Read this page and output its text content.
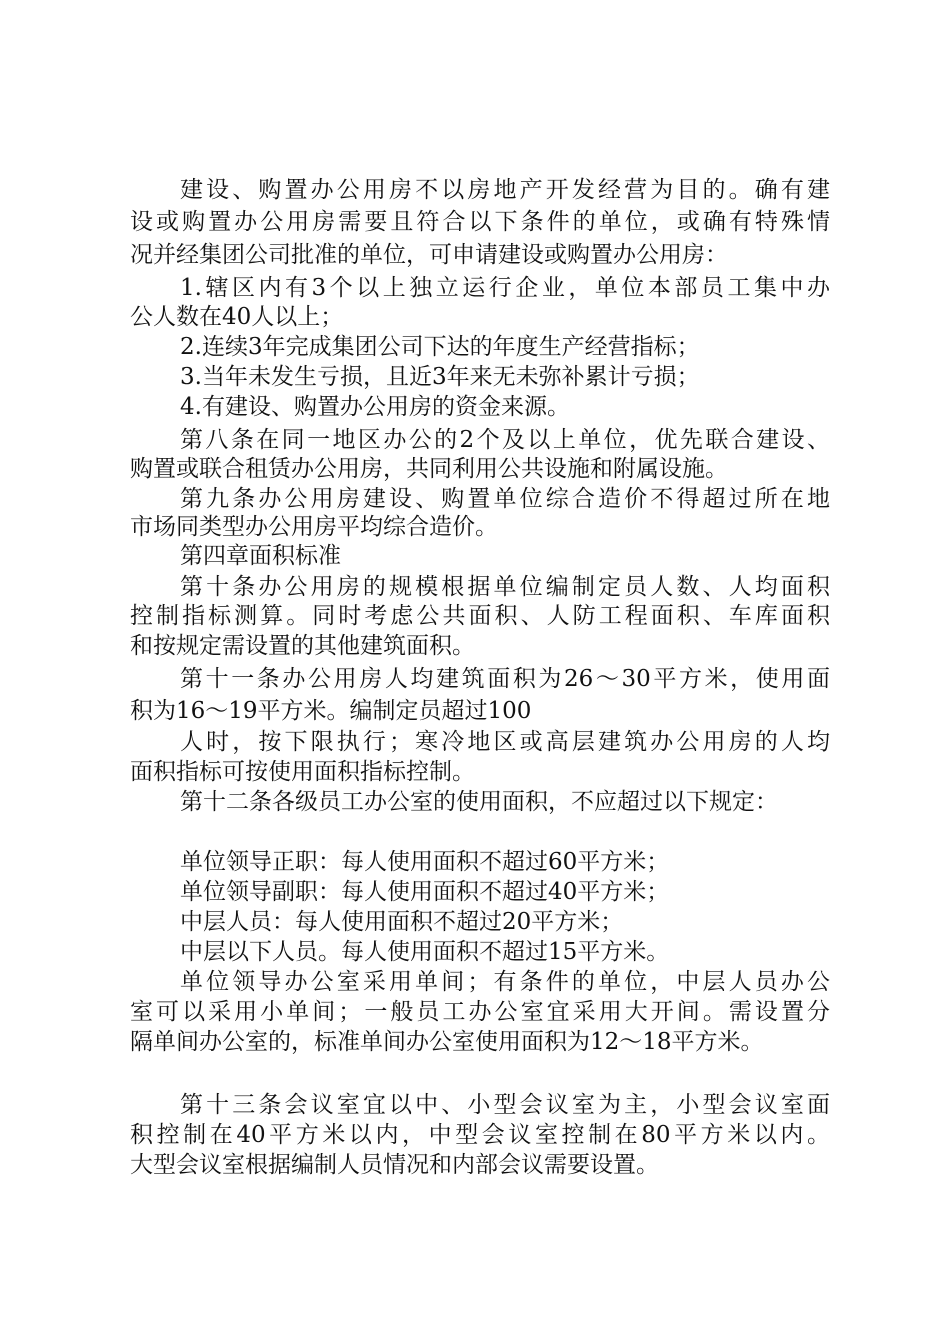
建设、购置办公用房不以房地产开发经营为目的。确有建
设或购置办公用房需要且符合以下条件的单位，或确有特殊情
况并经集团公司批准的单位，可申请建设或购置办公用房：
1.辖区内有3个以上独立运行企业，单位本部员工集中办
公人数在40人以上；
2.连续3年完成集团公司下达的年度生产经营指标；
3.当年未发生亏损，且近3年来无未弥补累计亏损；
4.有建设、购置办公用房的资金来源。
第八条在同一地区办公的2个及以上单位，优先联合建设、
购置或联合租赁办公用房，共同利用公共设施和附属设施。
第九条办公用房建设、购置单位综合造价不得超过所在地
市场同类型办公用房平均综合造价。
第四章面积标准
第十条办公用房的规模根据单位编制定员人数、人均面积
控制指标测算。同时考虑公共面积、人防工程面积、车库面积
和按规定需设置的其他建筑面积。
第十一条办公用房人均建筑面积为26～30平方米，使用面
积为16～19平方米。编制定员超过100
人时，按下限执行；寒冷地区或高层建筑办公用房的人均
面积指标可按使用面积指标控制。
第十二条各级员工办公室的使用面积，不应超过以下规定：
单位领导正职：每人使用面积不超过60平方米；
单位领导副职：每人使用面积不超过40平方米；
中层人员：每人使用面积不超过20平方米；
中层以下人员。每人使用面积不超过15平方米。
单位领导办公室采用单间；有条件的单位，中层人员办公
室可以采用小单间；一般员工办公室宜采用大开间。需设置分
隔单间办公室的，标准单间办公室使用面积为12～18平方米。
第十三条会议室宜以中、小型会议室为主，小型会议室面
积控制在40平方米以内，中型会议室控制在80平方米以内。
大型会议室根据编制人员情况和内部会议需要设置。
